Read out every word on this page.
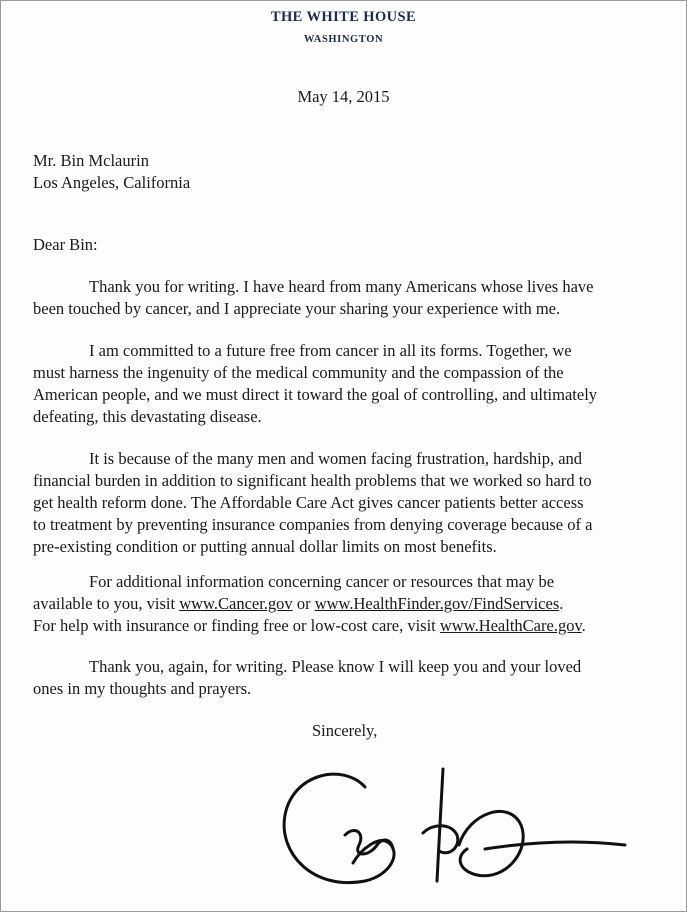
THE WHITE HOUSE
WASHINGTON
May 14, 2015
Mr. Bin Mclaurin
Los Angeles, California
Dear Bin:
Thank you for writing. I have heard from many Americans whose lives have
been touched by cancer, and I appreciate your sharing your experience with me.
I am committed to a future free from cancer in all its forms. Together, we
must harness the ingenuity of the medical community and the compassion of the
American people, and we must direct it toward the goal of controlling, and ultimately
defeating, this devastating disease.
It is because of the many men and women facing frustration, hardship, and
financial burden in addition to significant health problems that we worked so hard to
get health reform done. The Affordable Care Act gives cancer patients better access
to treatment by preventing insurance companies from denying coverage because of a
pre-existing condition or putting annual dollar limits on most benefits.
For additional information concerning cancer or resources that may be
available to you, visit www.Cancer.gov or www.HealthFinder.gov/FindServices.
For help with insurance or finding free or low-cost care, visit www.HealthCare.gov.
Thank you, again, for writing. Please know I will keep you and your loved
ones in my thoughts and prayers.
Sincerely,
